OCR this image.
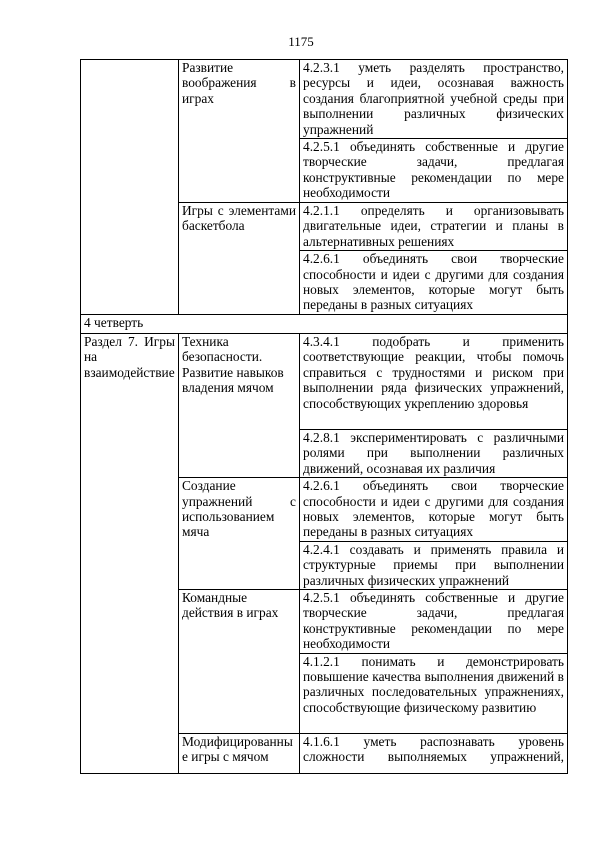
1175
	Развитие воображения в играх	4.2.3.1 уметь разделять пространство, ресурсы и идеи, осознавая важность создания благоприятной учебной среды при выполнении различных физических упражнений
		4.2.5.1 объединять собственные и другие творческие задачи, предлагая конструктивные рекомендации по мере необходимости
	Игры с элементами баскетбола	4.2.1.1 определять и организовывать двигательные идеи, стратегии и планы в альтернативных решениях
		4.2.6.1 объединять свои творческие способности и идеи с другими для создания новых элементов, которые могут быть переданы в разных ситуациях
4 четверть		
Раздел 7. Игры на взаимодействие	Техника безопасности. Развитие навыков владения мячом	4.3.4.1 подобрать и применить соответствующие реакции, чтобы помочь справиться с трудностями и риском при выполнении ряда физических упражнений, способствующих укреплению здоровья
		4.2.8.1 экспериментировать с различными ролями при выполнении различных движений, осознавая их различия
	Создание упражнений с использованием мяча	4.2.6.1 объединять свои творческие способности и идеи с другими для создания новых элементов, которые могут быть переданы в разных ситуациях
		4.2.4.1 создавать и применять правила и структурные приемы при выполнении различных физических упражнений
	Командные действия в играх	4.2.5.1 объединять собственные и другие творческие задачи, предлагая конструктивные рекомендации по мере необходимости
		4.1.2.1 понимать и демонстрировать повышение качества выполнения движений в различных последовательных упражнениях, способствующие физическому развитию
	Модифицированные игры с мячом	4.1.6.1 уметь распознавать уровень сложности выполняемых упражнений,
